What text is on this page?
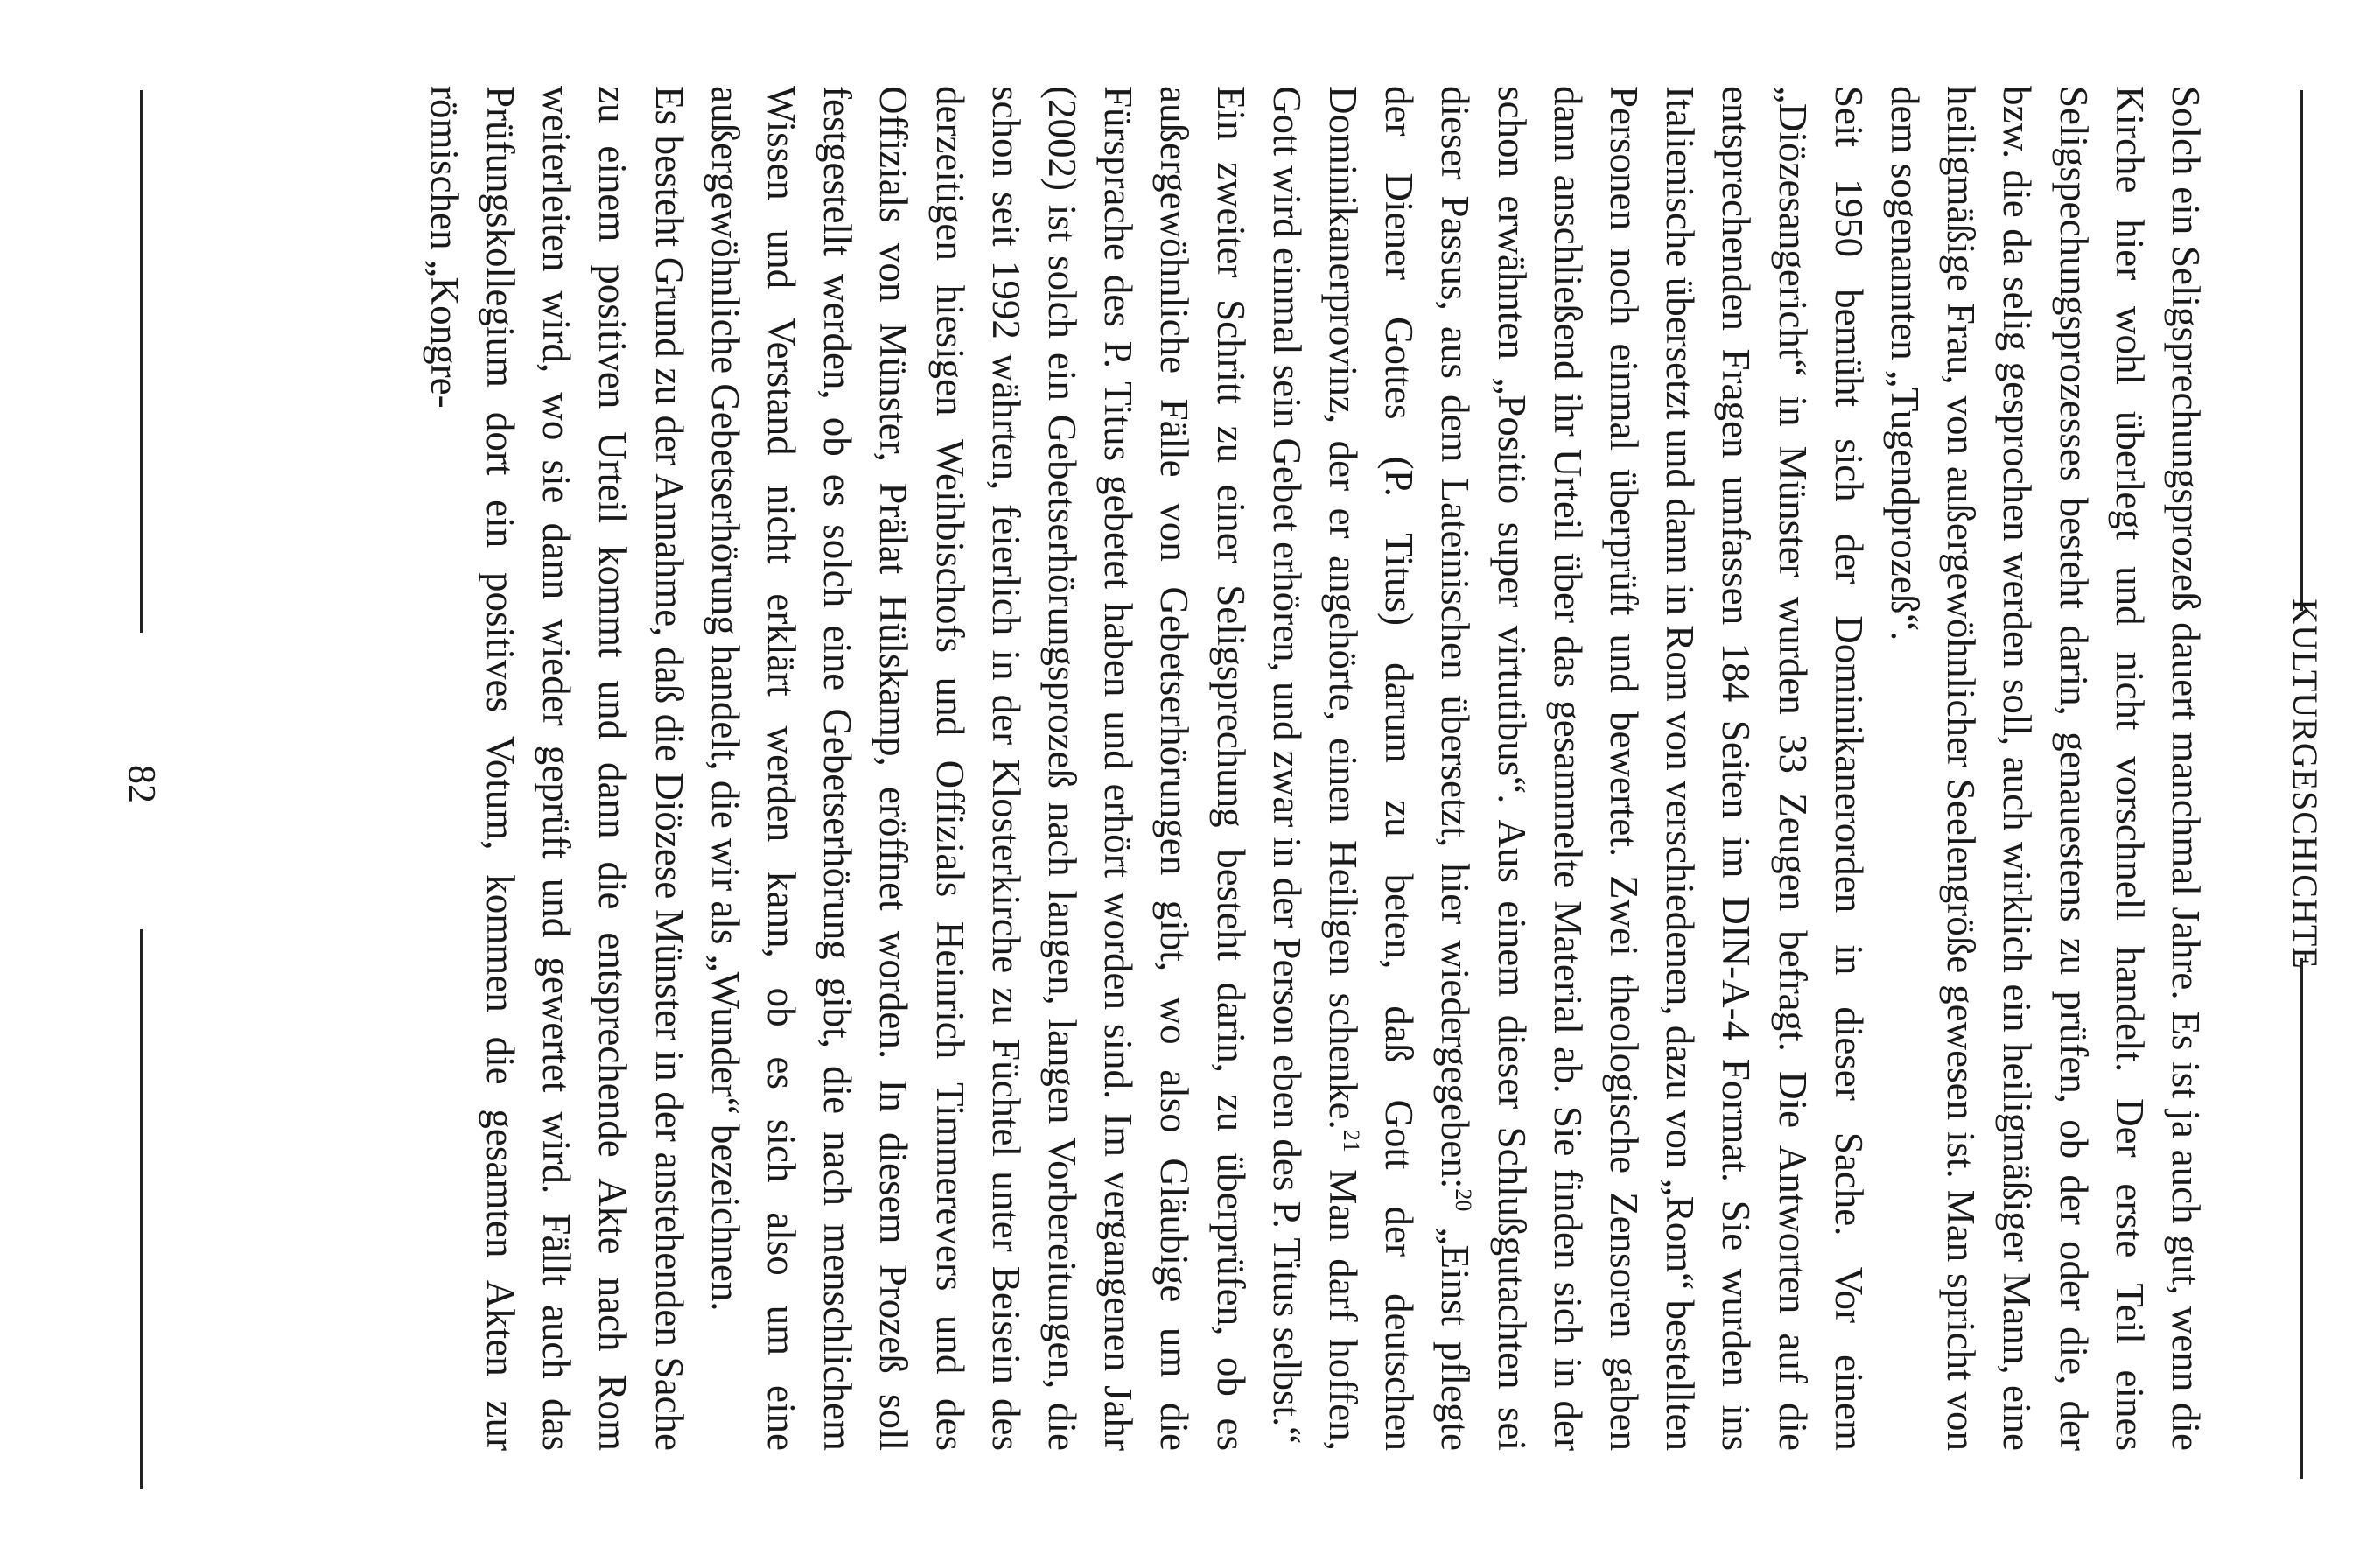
KULTURGESCHICHTE

Solch ein Seligsprechungsprozeß dauert manchmal Jahre. Es ist ja auch gut, wenn die Kirche hier wohl überlegt und nicht vorschnell handelt. Der erste Teil eines Seligspechungsprozesses besteht darin, genauestens zu prüfen, ob der oder die, der bzw. die da selig gesprochen werden soll, auch wirklich ein heiligmäßiger Mann, eine heiligmäßige Frau, von außergewöhnlicher Seelengröße gewesen ist. Man spricht von dem sogenannten „Tugendprozeß“.

Seit 1950 bemüht sich der Dominikanerorden in dieser Sache. Vor einem „Diözesangericht“ in Münster wurden 33 Zeugen befragt. Die Antworten auf die entsprechenden Fragen umfassen 184 Seiten im DIN-A-4 Format. Sie wurden ins Italienische übersetzt und dann in Rom von verschiedenen, dazu von „Rom“ bestellten Personen noch einmal überprüft und bewertet. Zwei theologische Zensoren gaben dann anschließend ihr Urteil über das gesammelte Material ab. Sie finden sich in der schon erwähnten „Positio super virtutibus“. Aus einem dieser Schlußgutachten sei dieser Passus, aus dem Lateinischen übersetzt, hier wiedergegeben:$^{20}$ „Einst pflegte der Diener Gottes (P. Titus) darum zu beten, daß Gott der deutschen Dominikanerprovinz, der er angehörte, einen Heiligen schenke.$^{21}$ Man darf hoffen, Gott wird einmal sein Gebet erhören, und zwar in der Person eben des P. Titus selbst.“

Ein zweiter Schritt zu einer Seligsprechung besteht darin, zu überprüfen, ob es außergewöhnliche Fälle von Gebetserhörungen gibt, wo also Gläubige um die Fürsprache des P. Titus gebetet haben und erhört worden sind. Im vergangenen Jahr (2002) ist solch ein Gebetserhörungsprozeß nach langen, langen Vorbereitungen, die schon seit 1992 währten, feierlich in der Klosterkirche zu Füchtel unter Beisein des derzeitigen hiesigen Weihbischofs und Offizials Heinrich Timmerevers und des Offizials von Münster, Prälat Hülskamp, eröffnet worden. In diesem Prozeß soll festgestellt werden, ob es solch eine Gebetserhörung gibt, die nach menschlichem Wissen und Verstand nicht erklärt werden kann, ob es sich also um eine außergewöhnliche Gebetserhörung handelt, die wir als „Wunder“ bezeichnen.

Es besteht Grund zu der Annahme, daß die Diözese Münster in der anstehenden Sache zu einem positiven Urteil kommt und dann die entsprechende Akte nach Rom weiterleiten wird, wo sie dann wieder geprüft und gewertet wird. Fällt auch das Prüfungskollegium dort ein positives Votum, kommen die gesamten Akten zur römischen „Kongre-

82
